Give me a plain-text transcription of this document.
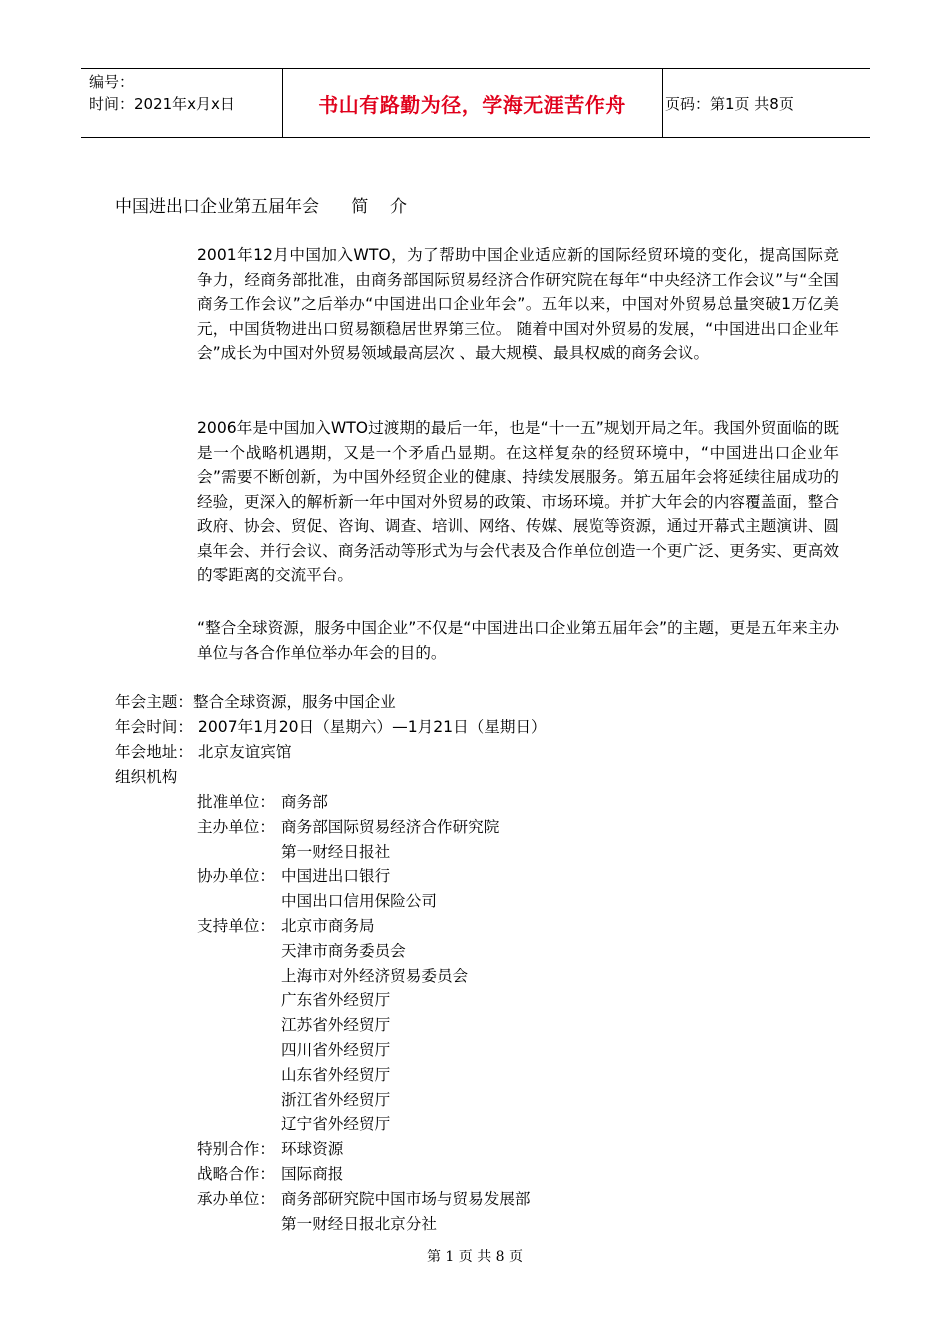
编号：
时间：2021年x月x日	书山有路勤为径，学海无涯苦作舟	页码：第1页 共8页
中国进出口企业第五届年会      简    介
2001年12月中国加入WTO，为了帮助中国企业适应新的国际经贸环境的变化，提高国际竞争力，经商务部批准，由商务部国际贸易经济合作研究院在每年“中央经济工作会议”与“全国商务工作会议”之后举办“中国进出口企业年会”。五年以来，中国对外贸易总量突破1万亿美元，中国货物进出口贸易额稳居世界第三位。 随着中国对外贸易的发展，“中国进出口企业年会”成长为中国对外贸易领域最高层次 、最大规模、最具权威的商务会议。
2006年是中国加入WTO过渡期的最后一年，也是“十一五”规划开局之年。我国外贸面临的既是一个战略机遇期，又是一个矛盾凸显期。在这样复杂的经贸环境中，“中国进出口企业年会”需要不断创新，为中国外经贸企业的健康、持续发展服务。第五届年会将延续往届成功的经验，更深入的解析新一年中国对外贸易的政策、市场环境。并扩大年会的内容覆盖面，整合政府、协会、贸促、咨询、调查、培训、网络、传媒、展览等资源，通过开幕式主题演讲、圆桌年会、并行会议、商务活动等形式为与会代表及合作单位创造一个更广泛、更务实、更高效的零距离的交流平台。
“整合全球资源，服务中国企业”不仅是“中国进出口企业第五届年会”的主题，更是五年来主办单位与各合作单位举办年会的目的。
年会主题：整合全球资源，服务中国企业
年会时间： 2007年1月20日（星期六）—1月21日（星期日）
年会地址： 北京友谊宾馆
组织机构
批准单位： 商务部
主办单位： 商务部国际贸易经济合作研究院
第一财经日报社
协办单位： 中国进出口银行
中国出口信用保险公司
支持单位： 北京市商务局
天津市商务委员会
上海市对外经济贸易委员会
广东省外经贸厅
江苏省外经贸厅
四川省外经贸厅
山东省外经贸厅
浙江省外经贸厅
辽宁省外经贸厅
特别合作： 环球资源
战略合作： 国际商报
承办单位： 商务部研究院中国市场与贸易发展部
第一财经日报北京分社
第 1 页 共 8 页
